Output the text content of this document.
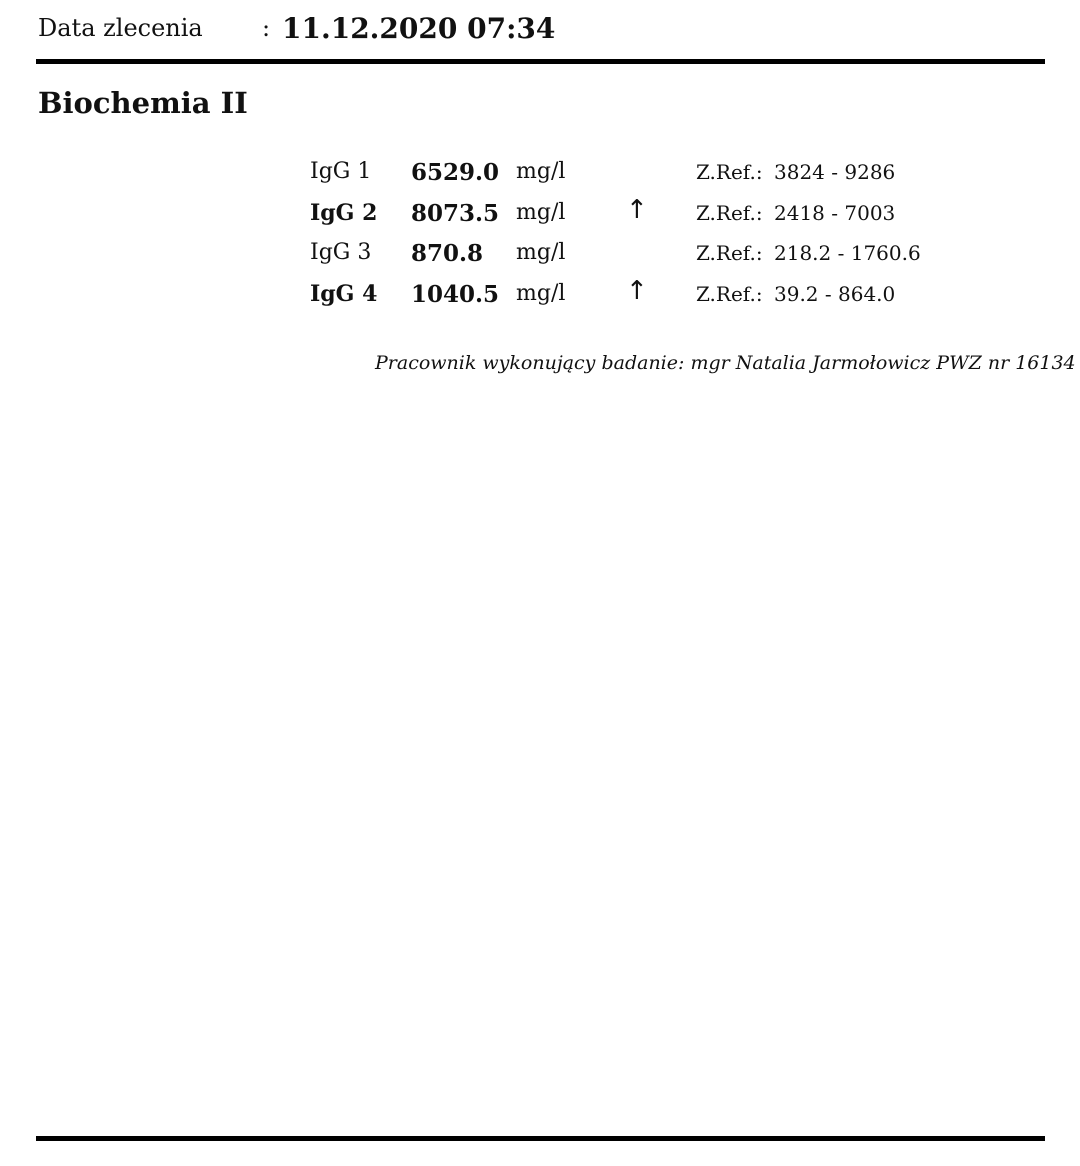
Data zlecenia	: 11.12.2020 07:34
Biochemia II
IgG 1 6529.0 mg/l	Z.Ref.: 3824 - 9286
IgG 2 8073.5 mg/l ↑ Z.Ref.: 2418 - 7003
IgG 3 870.8 mg/l	Z.Ref.: 218.2 - 1760.6
IgG 4 1040.5 mg/l ↑ Z.Ref.: 39.2 - 864.0
Pracownik wykonujący badanie: mgr Natalia Jarmołowicz PWZ nr 16134
